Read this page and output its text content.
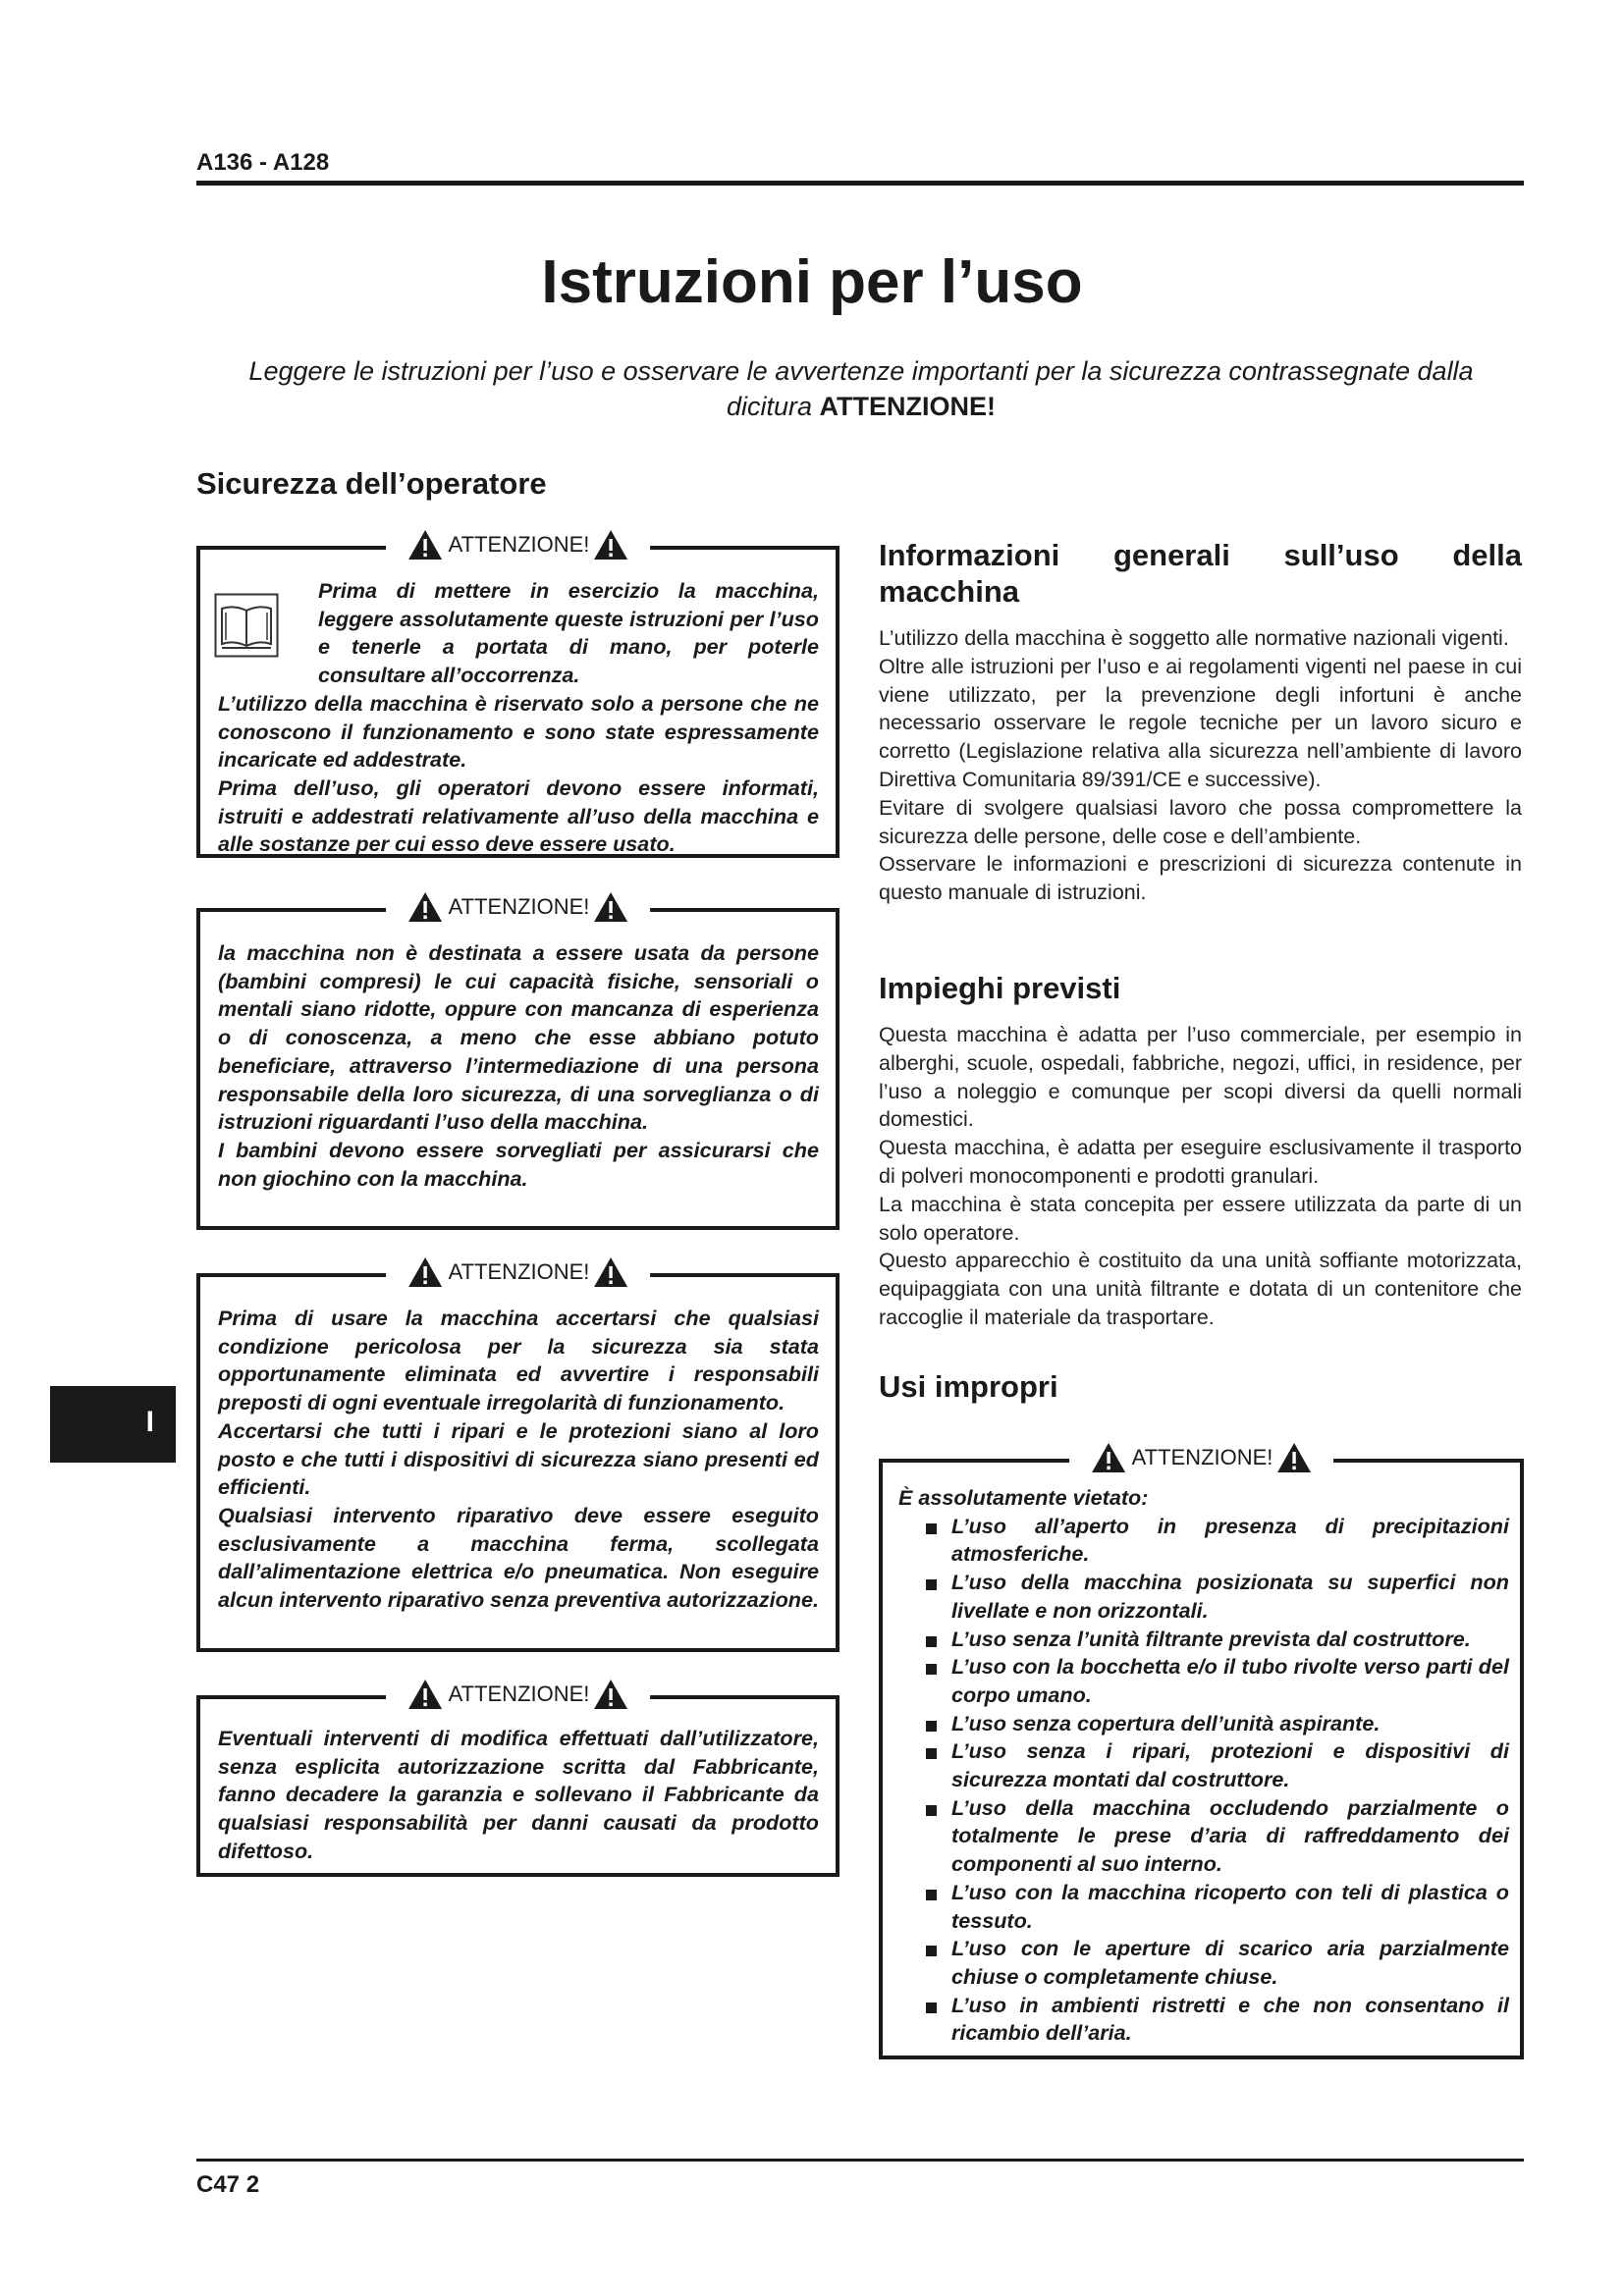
A136 - A128
Istruzioni per l’uso
Leggere le istruzioni per l’uso e osservare le avvertenze importanti per la sicurezza contrassegnate dalla dicitura ATTENZIONE!
Sicurezza dell’operatore
ATTENZIONE!

Prima di mettere in esercizio la macchina, leggere assolutamente queste istruzioni per l’uso e tenerle a portata di mano, per poterle consultare all’occorrenza.

L’utilizzo della macchina è riservato solo a persone che ne conoscono il funzionamento e sono state espressamente incaricate ed addestrate.

Prima dell’uso, gli operatori devono essere informati, istruiti e addestrati relativamente all’uso della macchina e alle sostanze per cui esso deve essere usato.

ATTENZIONE!

la macchina non è destinata a essere usata da persone (bambini compresi) le cui capacità fisiche, sensoriali o mentali siano ridotte, oppure con mancanza di esperienza o di conoscenza, a meno che esse abbiano potuto beneficiare, attraverso l’intermediazione di una persona responsabile della loro sicurezza, di una sorveglianza o di istruzioni riguardanti l’uso della macchina.

I bambini devono essere sorvegliati per assicurarsi che non giochino con la macchina.

ATTENZIONE!

Prima di usare la macchina accertarsi che qualsiasi condizione pericolosa per la sicurezza sia stata opportunamente eliminata ed avvertire i responsabili preposti di ogni eventuale irregolarità di funzionamento.

Accertarsi che tutti i ripari e le protezioni siano al loro posto e che tutti i dispositivi di sicurezza siano presenti ed efficienti.

Qualsiasi intervento riparativo deve essere eseguito esclusivamente a macchina ferma, scollegata dall’alimentazione elettrica e/o pneumatica. Non eseguire alcun intervento riparativo senza preventiva autorizzazione.

ATTENZIONE!

Eventuali interventi di modifica effettuati dall’utilizzatore, senza esplicita autorizzazione scritta dal Fabbricante, fanno decadere la garanzia e sollevano il Fabbricante da qualsiasi responsabilità per danni causati da prodotto difettoso.

I
Informazioni generali sull’uso della
macchina

L’utilizzo della macchina è soggetto alle normative nazionali vigenti.

Oltre alle istruzioni per l’uso e ai regolamenti vigenti nel paese in cui viene utilizzato, per la prevenzione degli infortuni è anche necessario osservare le regole tecniche per un lavoro sicuro e corretto (Legislazione relativa alla sicurezza nell’ambiente di lavoro Direttiva Comunitaria 89/391/CE e successive).

Evitare di svolgere qualsiasi lavoro che possa compromettere la sicurezza delle persone, delle cose e dell’ambiente.

Osservare le informazioni e prescrizioni di sicurezza contenute in questo manuale di istruzioni.

Impieghi previsti

Questa macchina è adatta per l’uso commerciale, per esempio in alberghi, scuole, ospedali, fabbriche, negozi, uffici, in residence, per l’uso a noleggio e comunque per scopi diversi da quelli normali domestici.

Questa macchina, è adatta per eseguire esclusivamente il trasporto di polveri monocomponenti e prodotti granulari.

La macchina è stata concepita per essere utilizzata da parte di un solo operatore.

Questo apparecchio è costituito da una unità soffiante motorizzata, equipaggiata con una unità filtrante e dotata di un contenitore che raccoglie il materiale da trasportare.

Usi impropri
ATTENZIONE!

È assolutamente vietato:

L’uso all’aperto in presenza di precipitazioni atmosferiche.
L’uso della macchina posizionata su superfici non livellate e non orizzontali.
L’uso senza l’unità filtrante prevista dal costruttore.
L’uso con la bocchetta e/o il tubo rivolte verso parti del corpo umano.
L’uso senza copertura dell’unità aspirante.
L’uso senza i ripari, protezioni e dispositivi di sicurezza montati dal costruttore.
L’uso della macchina occludendo parzialmente o totalmente le prese d’aria di raffreddamento dei componenti al suo interno.
L’uso con la macchina ricoperto con teli di plastica o tessuto.
L’uso con le aperture di scarico aria parzialmente chiuse o completamente chiuse.
L’uso in ambienti ristretti e che non consentano il ricambio dell’aria.
C47 2
